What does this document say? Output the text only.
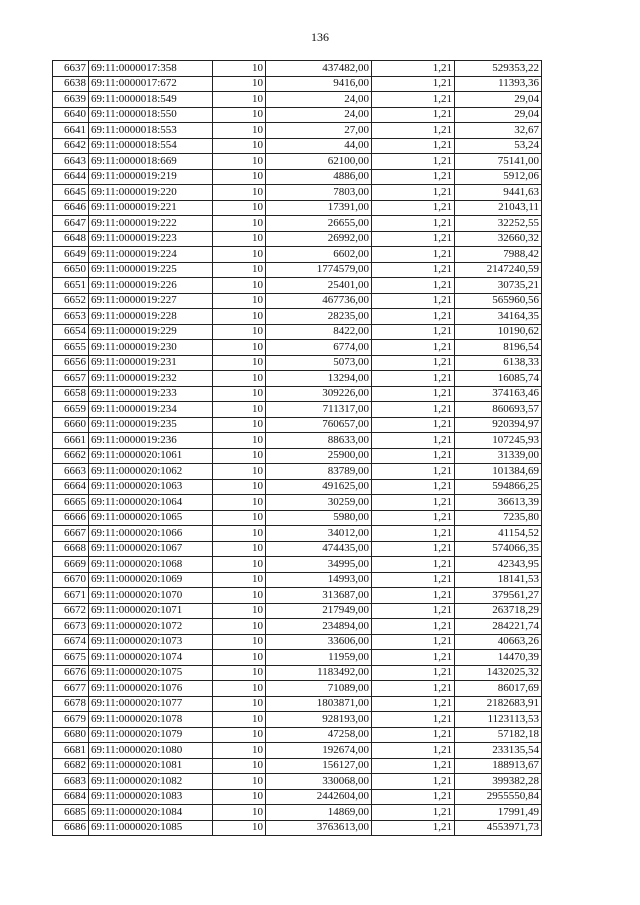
136
6637	69:11:0000017:358	10	437482,00	1,21	529353,22
6638	69:11:0000017:672	10	9416,00	1,21	11393,36
6639	69:11:0000018:549	10	24,00	1,21	29,04
6640	69:11:0000018:550	10	24,00	1,21	29,04
6641	69:11:0000018:553	10	27,00	1,21	32,67
6642	69:11:0000018:554	10	44,00	1,21	53,24
6643	69:11:0000018:669	10	62100,00	1,21	75141,00
6644	69:11:0000019:219	10	4886,00	1,21	5912,06
6645	69:11:0000019:220	10	7803,00	1,21	9441,63
6646	69:11:0000019:221	10	17391,00	1,21	21043,11
6647	69:11:0000019:222	10	26655,00	1,21	32252,55
6648	69:11:0000019:223	10	26992,00	1,21	32660,32
6649	69:11:0000019:224	10	6602,00	1,21	7988,42
6650	69:11:0000019:225	10	1774579,00	1,21	2147240,59
6651	69:11:0000019:226	10	25401,00	1,21	30735,21
6652	69:11:0000019:227	10	467736,00	1,21	565960,56
6653	69:11:0000019:228	10	28235,00	1,21	34164,35
6654	69:11:0000019:229	10	8422,00	1,21	10190,62
6655	69:11:0000019:230	10	6774,00	1,21	8196,54
6656	69:11:0000019:231	10	5073,00	1,21	6138,33
6657	69:11:0000019:232	10	13294,00	1,21	16085,74
6658	69:11:0000019:233	10	309226,00	1,21	374163,46
6659	69:11:0000019:234	10	711317,00	1,21	860693,57
6660	69:11:0000019:235	10	760657,00	1,21	920394,97
6661	69:11:0000019:236	10	88633,00	1,21	107245,93
6662	69:11:0000020:1061	10	25900,00	1,21	31339,00
6663	69:11:0000020:1062	10	83789,00	1,21	101384,69
6664	69:11:0000020:1063	10	491625,00	1,21	594866,25
6665	69:11:0000020:1064	10	30259,00	1,21	36613,39
6666	69:11:0000020:1065	10	5980,00	1,21	7235,80
6667	69:11:0000020:1066	10	34012,00	1,21	41154,52
6668	69:11:0000020:1067	10	474435,00	1,21	574066,35
6669	69:11:0000020:1068	10	34995,00	1,21	42343,95
6670	69:11:0000020:1069	10	14993,00	1,21	18141,53
6671	69:11:0000020:1070	10	313687,00	1,21	379561,27
6672	69:11:0000020:1071	10	217949,00	1,21	263718,29
6673	69:11:0000020:1072	10	234894,00	1,21	284221,74
6674	69:11:0000020:1073	10	33606,00	1,21	40663,26
6675	69:11:0000020:1074	10	11959,00	1,21	14470,39
6676	69:11:0000020:1075	10	1183492,00	1,21	1432025,32
6677	69:11:0000020:1076	10	71089,00	1,21	86017,69
6678	69:11:0000020:1077	10	1803871,00	1,21	2182683,91
6679	69:11:0000020:1078	10	928193,00	1,21	1123113,53
6680	69:11:0000020:1079	10	47258,00	1,21	57182,18
6681	69:11:0000020:1080	10	192674,00	1,21	233135,54
6682	69:11:0000020:1081	10	156127,00	1,21	188913,67
6683	69:11:0000020:1082	10	330068,00	1,21	399382,28
6684	69:11:0000020:1083	10	2442604,00	1,21	2955550,84
6685	69:11:0000020:1084	10	14869,00	1,21	17991,49
6686	69:11:0000020:1085	10	3763613,00	1,21	4553971,73
